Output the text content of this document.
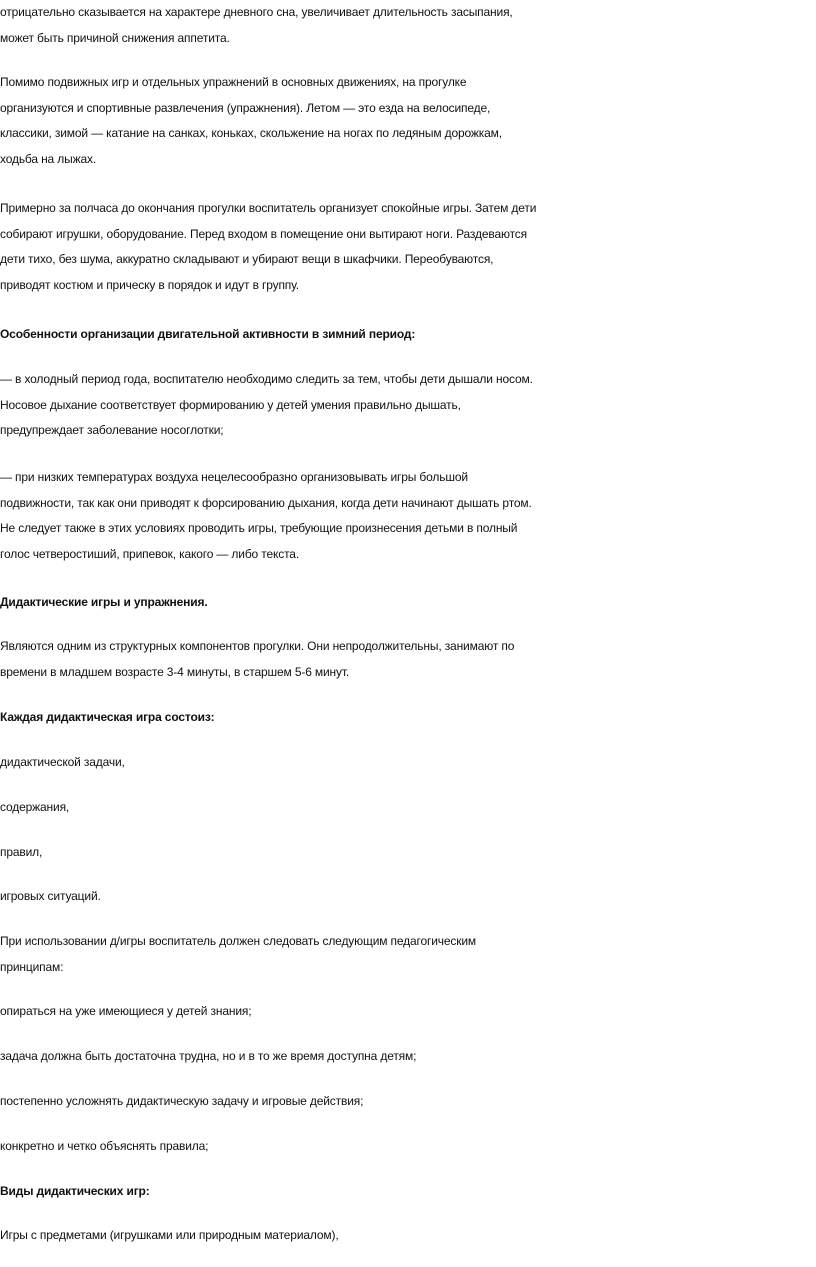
отрицательно сказывается на характере дневного сна, увеличивает длительность засыпания,
может быть причиной снижения аппетита.
Помимо подвижных игр и отдельных упражнений в основных движениях, на прогулке
организуются и спортивные развлечения (упражнения). Летом — это езда на велосипеде,
классики, зимой — катание на санках, коньках, скольжение на ногах по ледяным дорожкам,
ходьба на лыжах.
Примерно за полчаса до окончания прогулки воспитатель организует спокойные игры. Затем дети
собирают игрушки, оборудование. Перед входом в помещение они вытирают ноги. Раздеваются
дети тихо, без шума, аккуратно складывают и убирают вещи в шкафчики. Переобуваются,
приводят костюм и прическу в порядок и идут в группу.
Особенности организации двигательной активности в зимний период:
— в холодный период года, воспитателю необходимо следить за тем, чтобы дети дышали носом.
Носовое дыхание соответствует формированию у детей умения правильно дышать,
предупреждает заболевание носоглотки;
— при низких температурах воздуха нецелесообразно организовывать игры большой
подвижности, так как они приводят к форсированию дыхания, когда дети начинают дышать ртом.
Не следует также в этих условиях проводить игры, требующие произнесения детьми в полный
голос четверостиший, припевок, какого — либо текста.
Дидактические игры и упражнения.
Являются одним из структурных компонентов прогулки. Они непродолжительны, занимают по
времени в младшем возрасте 3-4 минуты, в старшем 5-6 минут.
Каждая дидактическая игра состоиз:
дидактической задачи,
содержания,
правил,
игровых ситуаций.
При использовании д/игры воспитатель должен следовать следующим педагогическим
принципам:
опираться на уже имеющиеся у детей знания;
задача должна быть достаточна трудна, но и в то же время доступна детям;
постепенно усложнять дидактическую задачу и игровые действия;
конкретно и четко объяснять правила;
Виды дидактических игр:
Игры с предметами (игрушками или природным материалом),
